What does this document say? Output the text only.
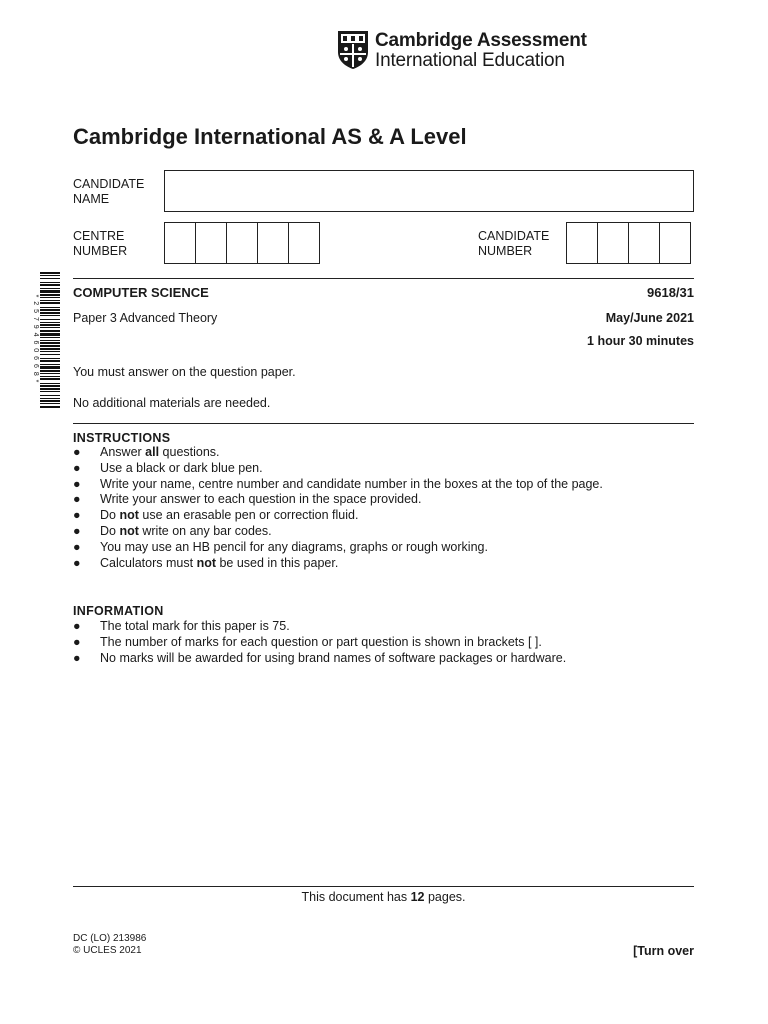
Cambridge Assessment
International Education
Cambridge International AS & A Level
CANDIDATE
NAME
CENTRE
NUMBER
CANDIDATE
NUMBER
* 2 5 7 9 4 6 0 6 6 8 *
COMPUTER SCIENCE	9618/31
Paper 3 Advanced Theory	May/June 2021
1 hour 30 minutes
You must answer on the question paper.
No additional materials are needed.
INSTRUCTIONS
● Answer all questions.
● Use a black or dark blue pen.
● Write your name, centre number and candidate number in the boxes at the top of the page.
● Write your answer to each question in the space provided.
● Do not use an erasable pen or correction fluid.
● Do not write on any bar codes.
● You may use an HB pencil for any diagrams, graphs or rough working.
● Calculators must not be used in this paper.
INFORMATION
● The total mark for this paper is 75.
● The number of marks for each question or part question is shown in brackets [ ].
● No marks will be awarded for using brand names of software packages or hardware.
This document has 12 pages.
DC (LO) 213986
© UCLES 2021	[Turn over
